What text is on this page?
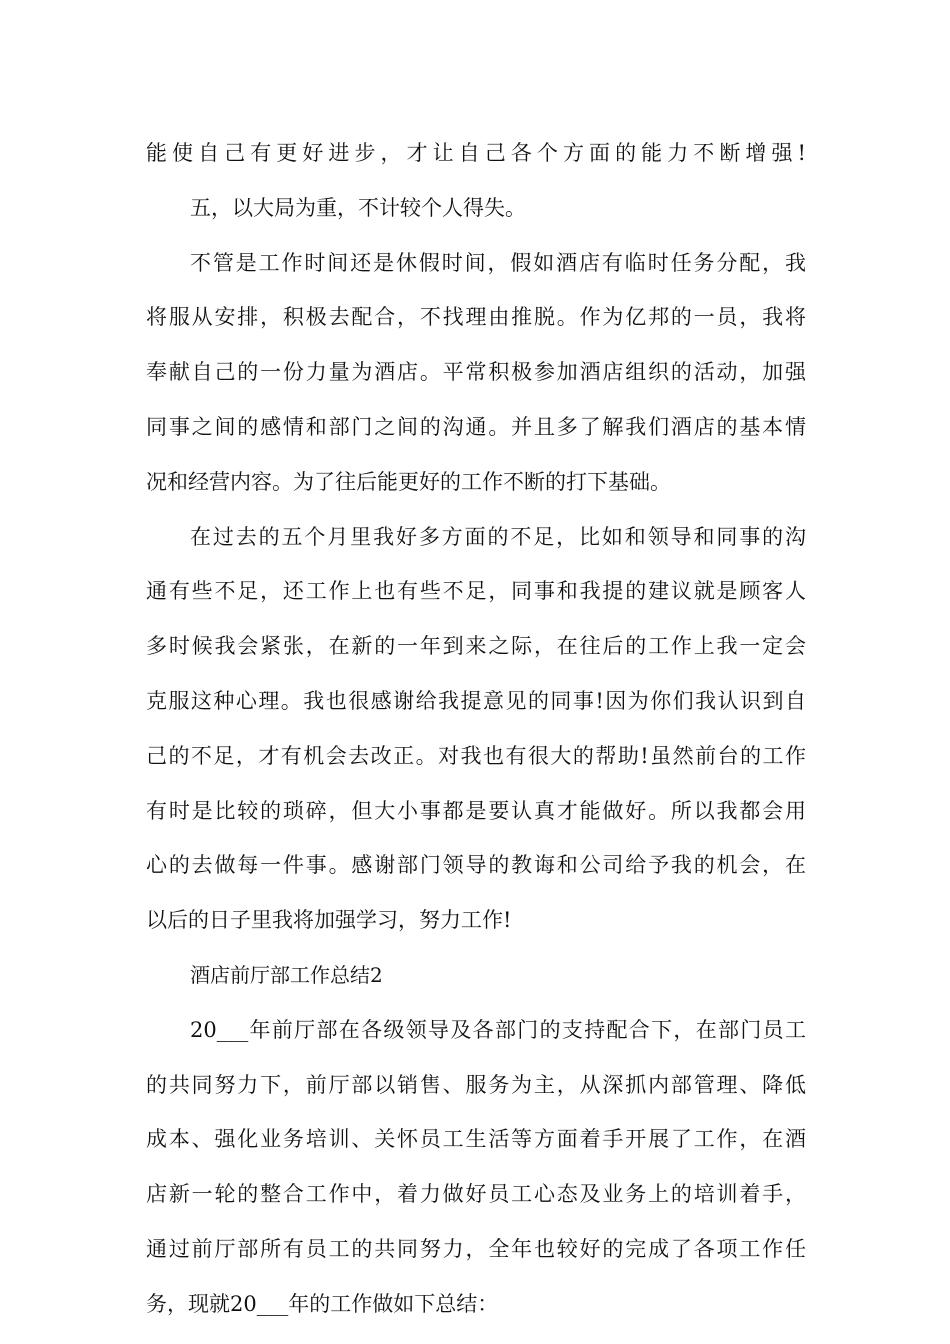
能使自己有更好进步，才让自己各个方面的能力不断增强!
五，以大局为重，不计较个人得失。
不管是工作时间还是休假时间，假如酒店有临时任务分配，我
将服从安排，积极去配合，不找理由推脱。作为亿邦的一员，我将
奉献自己的一份力量为酒店。平常积极参加酒店组织的活动，加强
同事之间的感情和部门之间的沟通。并且多了解我们酒店的基本情
况和经营内容。为了往后能更好的工作不断的打下基础。
在过去的五个月里我好多方面的不足，比如和领导和同事的沟
通有些不足，还工作上也有些不足，同事和我提的建议就是顾客人
多时候我会紧张，在新的一年到来之际，在往后的工作上我一定会
克服这种心理。我也很感谢给我提意见的同事!因为你们我认识到自
己的不足，才有机会去改正。对我也有很大的帮助!虽然前台的工作
有时是比较的琐碎，但大小事都是要认真才能做好。所以我都会用
心的去做每一件事。感谢部门领导的教诲和公司给予我的机会，在
以后的日子里我将加强学习，努力工作!
酒店前厅部工作总结2
20___年前厅部在各级领导及各部门的支持配合下，在部门员工
的共同努力下，前厅部以销售、服务为主，从深抓内部管理、降低
成本、强化业务培训、关怀员工生活等方面着手开展了工作，在酒
店新一轮的整合工作中，着力做好员工心态及业务上的培训着手，
通过前厅部所有员工的共同努力，全年也较好的完成了各项工作任
务，现就20___年的工作做如下总结：
